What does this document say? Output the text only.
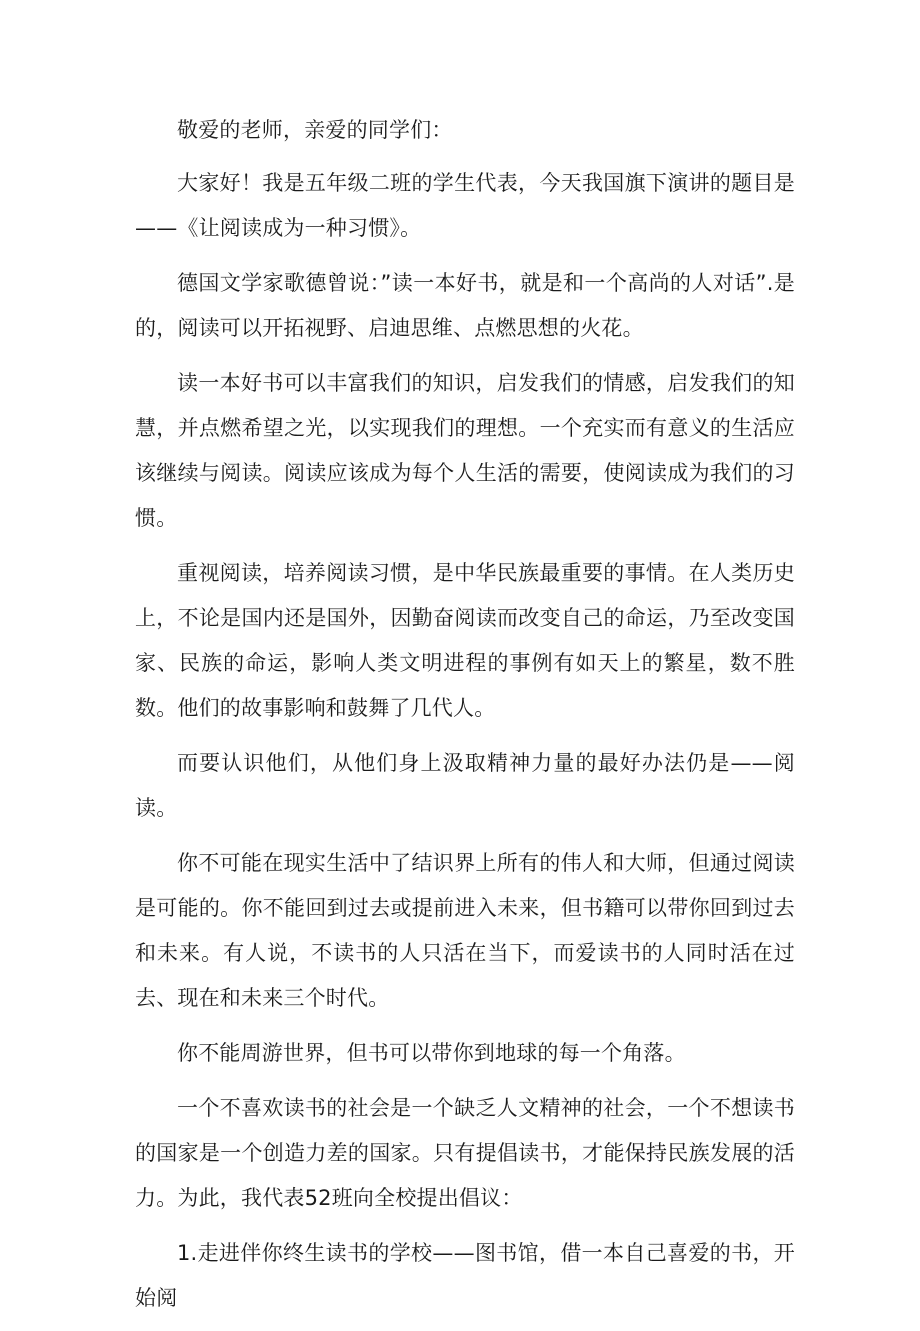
敬爱的老师，亲爱的同学们：

大家好！我是五年级二班的学生代表，今天我国旗下演讲的题目是——《让阅读成为一种习惯》。

德国文学家歌德曾说：”读一本好书，就是和一个高尚的人对话”.是的，阅读可以开拓视野、启迪思维、点燃思想的火花。

读一本好书可以丰富我们的知识，启发我们的情感，启发我们的知慧，并点燃希望之光，以实现我们的理想。一个充实而有意义的生活应该继续与阅读。阅读应该成为每个人生活的需要，使阅读成为我们的习惯。

重视阅读，培养阅读习惯，是中华民族最重要的事情。在人类历史上，不论是国内还是国外，因勤奋阅读而改变自己的命运，乃至改变国家、民族的命运，影响人类文明进程的事例有如天上的繁星，数不胜数。他们的故事影响和鼓舞了几代人。

而要认识他们，从他们身上汲取精神力量的最好办法仍是——阅读。

你不可能在现实生活中了结识界上所有的伟人和大师，但通过阅读是可能的。你不能回到过去或提前进入未来，但书籍可以带你回到过去和未来。有人说，不读书的人只活在当下，而爱读书的人同时活在过去、现在和未来三个时代。

你不能周游世界，但书可以带你到地球的每一个角落。

一个不喜欢读书的社会是一个缺乏人文精神的社会，一个不想读书的国家是一个创造力差的国家。只有提倡读书，才能保持民族发展的活力。为此，我代表52班向全校提出倡议：

1.走进伴你终生读书的学校——图书馆，借一本自己喜爱的书，开始阅
